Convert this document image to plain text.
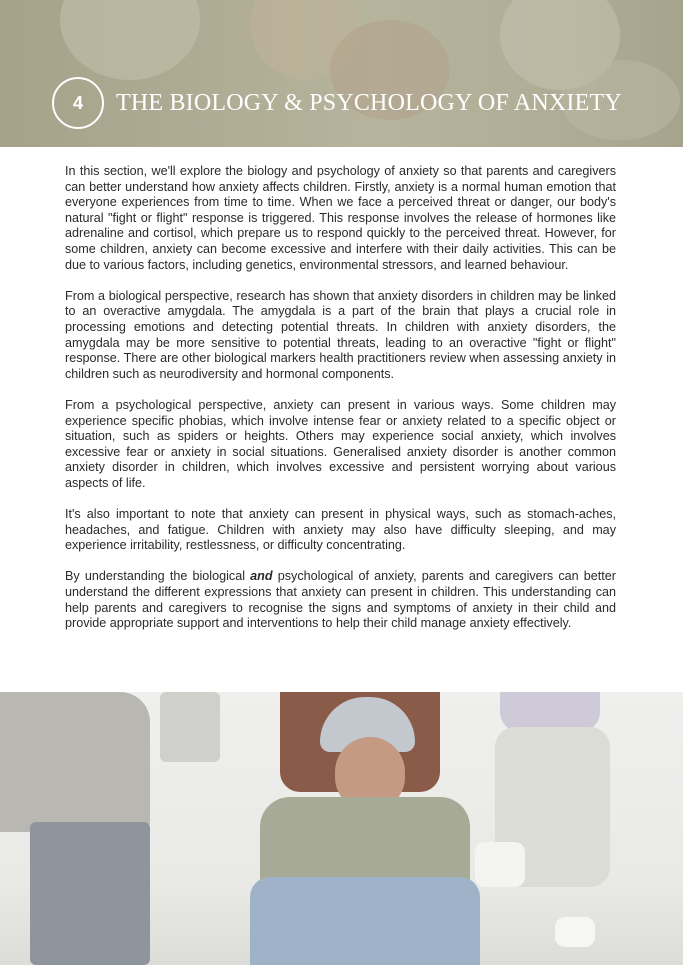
4 THE BIOLOGY & PSYCHOLOGY OF ANXIETY

In this section, we'll explore the biology and psychology of anxiety so that parents and caregivers can better understand how anxiety affects children. Firstly, anxiety is a normal human emotion that everyone experiences from time to time. When we face a perceived threat or danger, our body's natural "fight or flight" response is triggered. This response involves the release of hormones like adrenaline and cortisol, which prepare us to respond quickly to the perceived threat. However, for some children, anxiety can become excessive and interfere with their daily activities. This can be due to various factors, including genetics, environmental stressors, and learned behaviour.

From a biological perspective, research has shown that anxiety disorders in children may be linked to an overactive amygdala. The amygdala is a part of the brain that plays a crucial role in processing emotions and detecting potential threats. In children with anxiety disorders, the amygdala may be more sensitive to potential threats, leading to an overactive "fight or flight" response. There are other biological markers health practitioners review when assessing anxiety in children such as neurodiversity and hormonal components.

From a psychological perspective, anxiety can present in various ways. Some children may experience specific phobias, which involve intense fear or anxiety related to a specific object or situation, such as spiders or heights. Others may experience social anxiety, which involves excessive fear or anxiety in social situations. Generalised anxiety disorder is another common anxiety disorder in children, which involves excessive and persistent worrying about various aspects of life.

It's also important to note that anxiety can present in physical ways, such as stomach-aches, headaches, and fatigue. Children with anxiety may also have difficulty sleeping, and may experience irritability, restlessness, or difficulty concentrating.

By understanding the biological and psychological of anxiety, parents and caregivers can better understand the different expressions that anxiety can present in children. This understanding can help parents and caregivers to recognise the signs and symptoms of anxiety in their child and provide appropriate support and interventions to help their child manage anxiety effectively.
